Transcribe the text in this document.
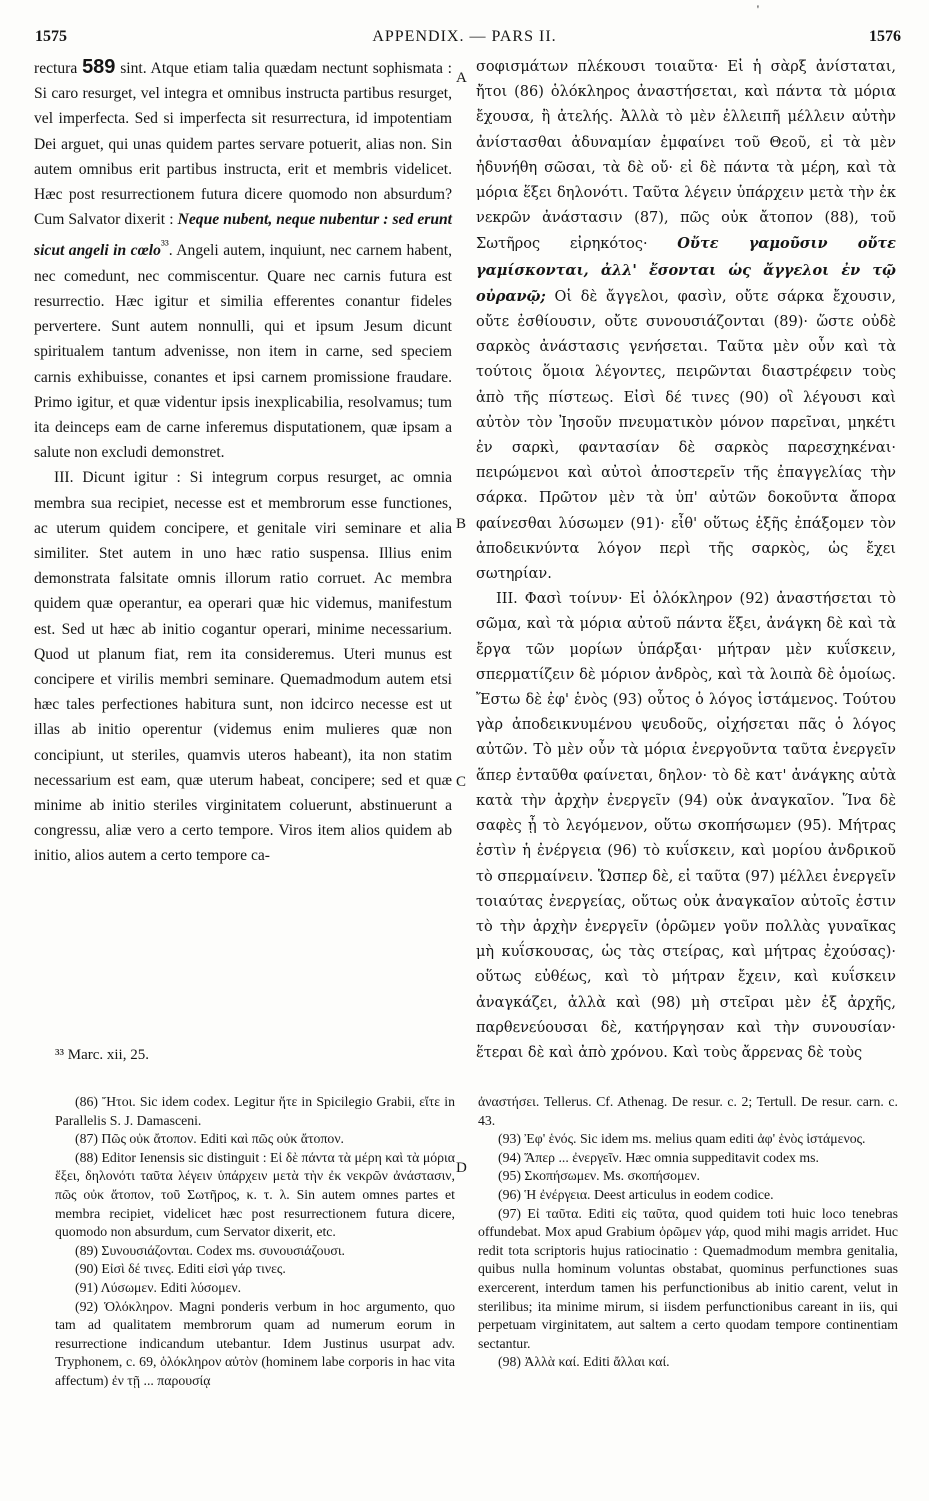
1575	APPENDIX. — PARS II.
'
1576
A
B
C
D

rectura 589 sint. Atque etiam talia quædam nectunt sophismata : Si caro resurget, vel integra et omnibus instructa partibus resurget, vel imperfecta. Sed si imperfecta sit resurrectura, id impotentiam Dei arguet, qui unas quidem partes servare potuerit, alias non. Sin autem omnibus erit partibus instructa, erit et membris videlicet. Hæc post resurrectionem futura dicere quomodo non absurdum? Cum Salvator dixerit : Neque nubent, neque nubentur : sed erunt sicut angeli in cœlo$^{^{33}}$. Angeli autem, inquiunt, nec carnem habent, nec comedunt, nec commiscentur. Quare nec carnis futura est resurrectio. Hæc igitur et similia efferentes conantur fideles pervertere. Sunt autem nonnulli, qui et ipsum Jesum dicunt spiritualem tantum advenisse, non item in carne, sed speciem carnis exhibuisse, conantes et ipsi carnem promissione fraudare. Primo igitur, et quæ videntur ipsis inexplicabilia, resolvamus; tum ita deinceps eam de carne inferemus disputationem, quæ ipsam a salute non excludi demonstret.

III. Dicunt igitur : Si integrum corpus resurget, ac omnia membra sua recipiet, necesse est et membrorum esse functiones, ac uterum quidem concipere, et genitale viri seminare et alia similiter. Stet autem in uno hæc ratio suspensa. Illius enim demonstrata falsitate omnis illorum ratio corruet. Ac membra quidem quæ operantur, ea operari quæ hic videmus, manifestum est. Sed ut hæc ab initio cogantur operari, minime necessarium. Quod ut planum fiat, rem ita consideremus. Uteri munus est concipere et virilis membri seminare. Quemadmodum autem etsi hæc tales perfectiones habitura sunt, non idcirco necesse est ut illas ab initio operentur (videmus enim mulieres quæ non concipiunt, ut steriles, quamvis uteros habeant), ita non statim necessarium est eam, quæ uterum habeat, concipere; sed et quæ minime ab initio steriles virginitatem coluerunt, abstinuerunt a congressu, aliæ vero a certo tempore. Viros item alios quidem ab initio, alios autem a certo tempore ca-

σοφισμάτων πλέκουσι τοιαῦτα· Εἰ ἡ σὰρξ ἀνίσταται, ἤτοι (86) ὁλόκληρος ἀναστήσεται, καὶ πάντα τὰ μόρια ἔχουσα, ἢ ἀτελής. Ἀλλὰ τὸ μὲν ἐλλειπῆ μέλλειν αὐτὴν ἀνίστασθαι ἀδυναμίαν ἐμφαίνει τοῦ Θεοῦ, εἰ τὰ μὲν ἠδυνήθη σῶσαι, τὰ δὲ οὔ· εἰ δὲ πάντα τὰ μέρη, καὶ τὰ μόρια ἕξει δηλονότι. Ταῦτα λέγειν ὑπάρχειν μετὰ τὴν ἐκ νεκρῶν ἀνάστασιν (87), πῶς οὐκ ἄτοπον (88), τοῦ Σωτῆρος εἰρηκότος· Οὔτε γαμοῦσιν οὔτε γαμίσκονται, ἀλλ' ἔσονται ὡς ἄγγελοι ἐν τῷ οὐρανῷ; Οἱ δὲ ἄγγελοι, φασὶν, οὔτε σάρκα ἔχουσιν, οὔτε ἐσθίουσιν, οὔτε συνουσιάζονται (89)· ὥστε οὐδὲ σαρκὸς ἀνάστασις γενήσεται. Ταῦτα μὲν οὖν καὶ τὰ τούτοις ὅμοια λέγοντες, πειρῶνται διαστρέφειν τοὺς ἀπὸ τῆς πίστεως. Εἰσὶ δέ τινες (90) οἳ λέγουσι καὶ αὐτὸν τὸν Ἰησοῦν πνευματικὸν μόνον παρεῖναι, μηκέτι ἐν σαρκὶ, φαντασίαν δὲ σαρκὸς παρεσχηκέναι· πειρώμενοι καὶ αὐτοὶ ἀποστερεῖν τῆς ἐπαγγελίας τὴν σάρκα. Πρῶτον μὲν τὰ ὑπ' αὐτῶν δοκοῦντα ἄπορα φαίνεσθαι λύσωμεν (91)· εἶθ' οὕτως ἑξῆς ἐπάξομεν τὸν ἀποδεικνύντα λόγον περὶ τῆς σαρκὸς, ὡς ἔχει σωτηρίαν.

III. Φασὶ τοίνυν· Εἰ ὁλόκληρον (92) ἀναστήσεται τὸ σῶμα, καὶ τὰ μόρια αὐτοῦ πάντα ἕξει, ἀνάγκη δὲ καὶ τὰ ἔργα τῶν μορίων ὑπάρξαι· μήτραν μὲν κυΐσκειν, σπερματίζειν δὲ μόριον ἀνδρὸς, καὶ τὰ λοιπὰ δὲ ὁμοίως. Ἔστω δὲ ἐφ' ἑνὸς (93) οὗτος ὁ λόγος ἱστάμενος. Τούτου γὰρ ἀποδεικνυμένου ψευδοῦς, οἰχήσεται πᾶς ὁ λόγος αὐτῶν. Τὸ μὲν οὖν τὰ μόρια ἐνεργοῦντα ταῦτα ἐνεργεῖν ἅπερ ἐνταῦθα φαίνεται, δηλον· τὸ δὲ κατ' ἀνάγκης αὐτὰ κατὰ τὴν ἀρχὴν ἐνεργεῖν (94) οὐκ ἀναγκαῖον. Ἵνα δὲ σαφὲς ᾖ τὸ λεγόμενον, οὕτω σκοπήσωμεν (95). Μήτρας ἐστὶν ἡ ἐνέργεια (96) τὸ κυΐσκειν, καὶ μορίου ἀνδρικοῦ τὸ σπερμαίνειν. Ὥσπερ δὲ, εἰ ταῦτα (97) μέλλει ἐνεργεῖν τοιαύτας ἐνεργείας, οὕτως οὐκ ἀναγκαῖον αὐτοῖς ἐστιν τὸ τὴν ἀρχὴν ἐνεργεῖν (ὁρῶμεν γοῦν πολλὰς γυναῖκας μὴ κυΐσκουσας, ὡς τὰς στείρας, καὶ μήτρας ἐχούσας)· οὕτως εὐθέως, καὶ τὸ μήτραν ἔχειν, καὶ κυΐσκειν ἀναγκάζει, ἀλλὰ καὶ (98) μὴ στεῖραι μὲν ἐξ ἀρχῆς, παρθενεύουσαι δὲ, κατήργησαν καὶ τὴν συνουσίαν· ἕτεραι δὲ καὶ ἀπὸ χρόνου. Καὶ τοὺς ἄρρενας δὲ τοὺς

³³ Marc. xii, 25.

(86) Ἤτοι. Sic idem codex. Legitur ἤτε in Spicilegio Grabii, εἴτε in Parallelis S. J. Damasceni.

(87) Πῶς οὐκ ἄτοπον. Editi καὶ πῶς οὐκ ἄτοπον.

(88) Editor Ienensis sic distinguit : Εἰ δὲ πάντα τὰ μέρη καὶ τὰ μόρια ἕξει, δηλονότι ταῦτα λέγειν ὑπάρχειν μετὰ τὴν ἐκ νεκρῶν ἀνάστασιν, πῶς οὐκ ἄτοπον, τοῦ Σωτῆρος, κ. τ. λ. Sin autem omnes partes et membra recipiet, videlicet hæc post resurrectionem futura dicere, quomodo non absurdum, cum Servator dixerit, etc.

(89) Συνουσιάζονται. Codex ms. συνουσιάζουσι.

(90) Εἰσὶ δέ τινες. Editi εἰσὶ γάρ τινες.

(91) Λύσωμεν. Editi λύσομεν.

(92) Ὁλόκληρον. Magni ponderis verbum in hoc argumento, quo tam ad qualitatem membrorum quam ad numerum eorum in resurrectione indicandum utebantur. Idem Justinus usurpat adv. Tryphonem, c. 69, ὁλόκληρον αὐτὸν (hominem labe corporis in hac vita affectum) ἐν τῇ ... παρουσίᾳ

ἀναστήσει. Tellerus. Cf. Athenag. De resur. c. 2; Tertull. De resur. carn. c. 43.

(93) Ἐφ' ἑνός. Sic idem ms. melius quam editi ἀφ' ἑνὸς ἱστάμενος.

(94) Ἅπερ ... ἐνεργεῖν. Hæc omnia suppeditavit codex ms.

(95) Σκοπήσωμεν. Ms. σκοπήσομεν.

(96) Ἡ ἐνέργεια. Deest articulus in eodem codice.

(97) Εἰ ταῦτα. Editi εἰς ταῦτα, quod quidem toti huic loco tenebras offundebat. Mox apud Grabium ὁρῶμεν γάρ, quod mihi magis arridet. Huc redit tota scriptoris hujus ratiocinatio : Quemadmodum membra genitalia, quibus nulla hominum voluntas obstabat, quominus perfunctiones suas exercerent, interdum tamen his perfunctionibus ab initio carent, velut in sterilibus; ita minime mirum, si iisdem perfunctionibus careant in iis, qui perpetuam virginitatem, aut saltem a certo quodam tempore continentiam sectantur.

(98) Ἀλλὰ καί. Editi ἄλλαι καί.
